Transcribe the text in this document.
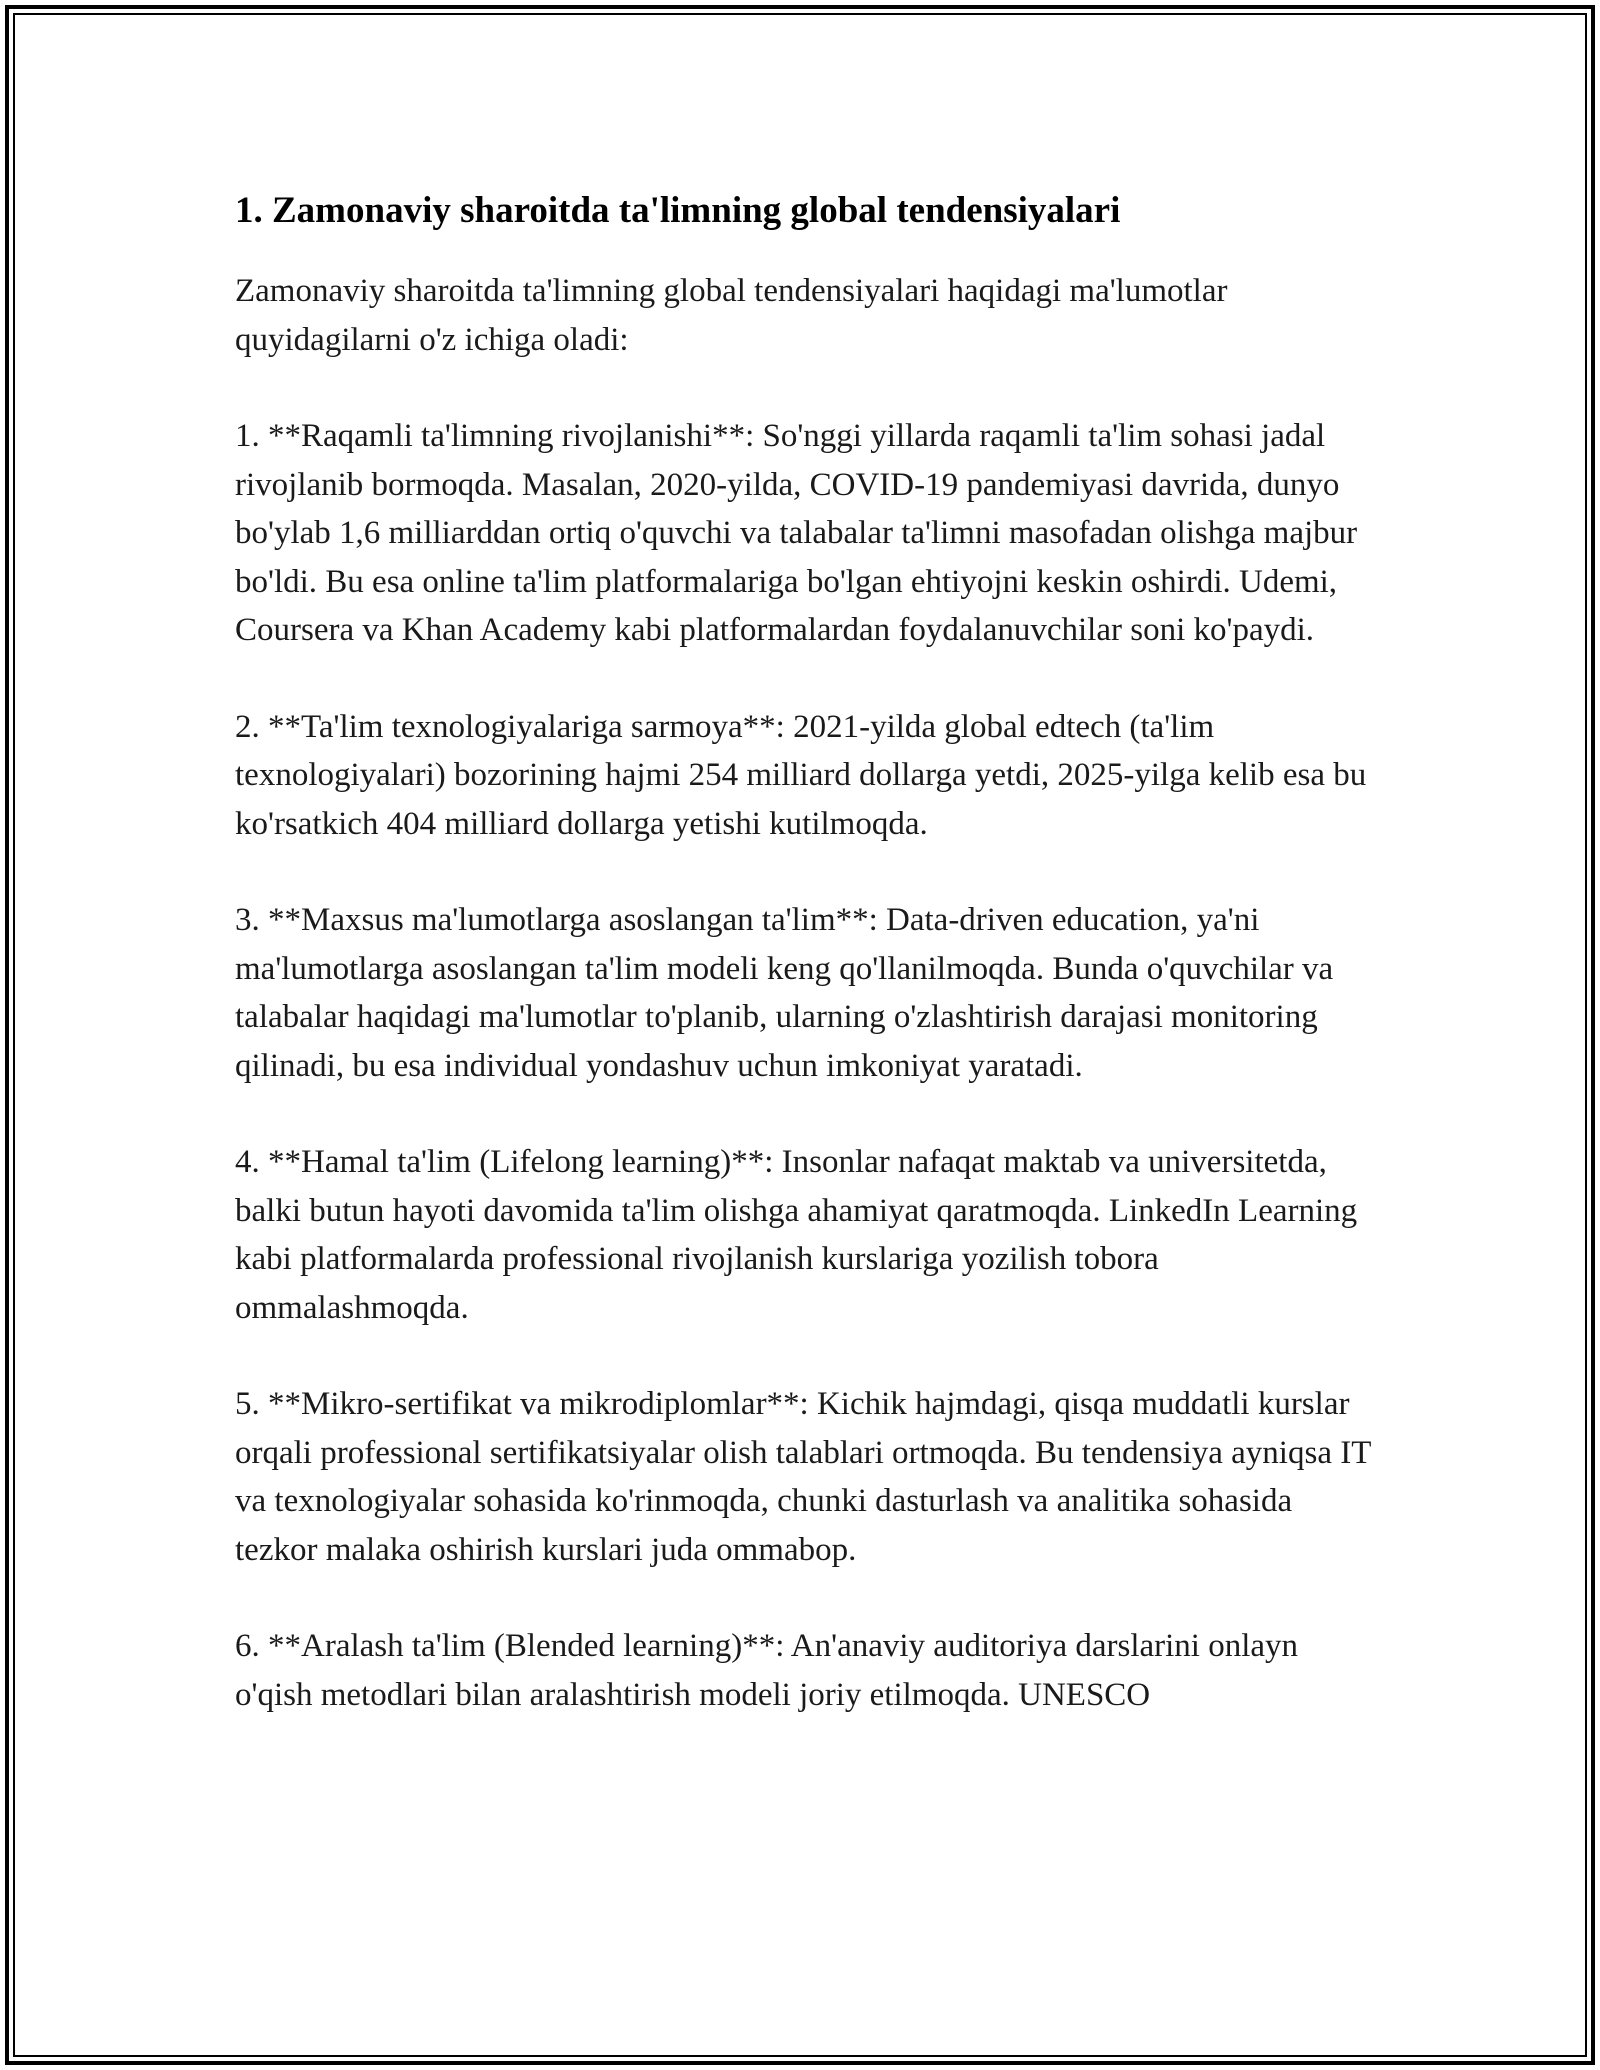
1. Zamonaviy sharoitda ta'limning global tendensiyalari

Zamonaviy sharoitda ta'limning global tendensiyalari haqidagi ma'lumotlar quyidagilarni o'z ichiga oladi:

1. **Raqamli ta'limning rivojlanishi**: So'nggi yillarda raqamli ta'lim sohasi jadal rivojlanib bormoqda. Masalan, 2020-yilda, COVID-19 pandemiyasi davrida, dunyo bo'ylab 1,6 milliarddan ortiq o'quvchi va talabalar ta'limni masofadan olishga majbur bo'ldi. Bu esa online ta'lim platformalariga bo'lgan ehtiyojni keskin oshirdi. Udemi, Coursera va Khan Academy kabi platformalardan foydalanuvchilar soni ko'paydi.

2. **Ta'lim texnologiyalariga sarmoya**: 2021-yilda global edtech (ta'lim texnologiyalari) bozorining hajmi 254 milliard dollarga yetdi, 2025-yilga kelib esa bu ko'rsatkich 404 milliard dollarga yetishi kutilmoqda.

3. **Maxsus ma'lumotlarga asoslangan ta'lim**: Data-driven education, ya'ni ma'lumotlarga asoslangan ta'lim modeli keng qo'llanilmoqda. Bunda o'quvchilar va talabalar haqidagi ma'lumotlar to'planib, ularning o'zlashtirish darajasi monitoring qilinadi, bu esa individual yondashuv uchun imkoniyat yaratadi.

4. **Hamal ta'lim (Lifelong learning)**: Insonlar nafaqat maktab va universitetda, balki butun hayoti davomida ta'lim olishga ahamiyat qaratmoqda. LinkedIn Learning kabi platformalarda professional rivojlanish kurslariga yozilish tobora ommalashmoqda.

5. **Mikro-sertifikat va mikrodiplomlar**: Kichik hajmdagi, qisqa muddatli kurslar orqali professional sertifikatsiyalar olish talablari ortmoqda. Bu tendensiya ayniqsa IT va texnologiyalar sohasida ko'rinmoqda, chunki dasturlash va analitika sohasida tezkor malaka oshirish kurslari juda ommabop.

6. **Aralash ta'lim (Blended learning)**: An'anaviy auditoriya darslarini onlayn o'qish metodlari bilan aralashtirish modeli joriy etilmoqda. UNESCO
